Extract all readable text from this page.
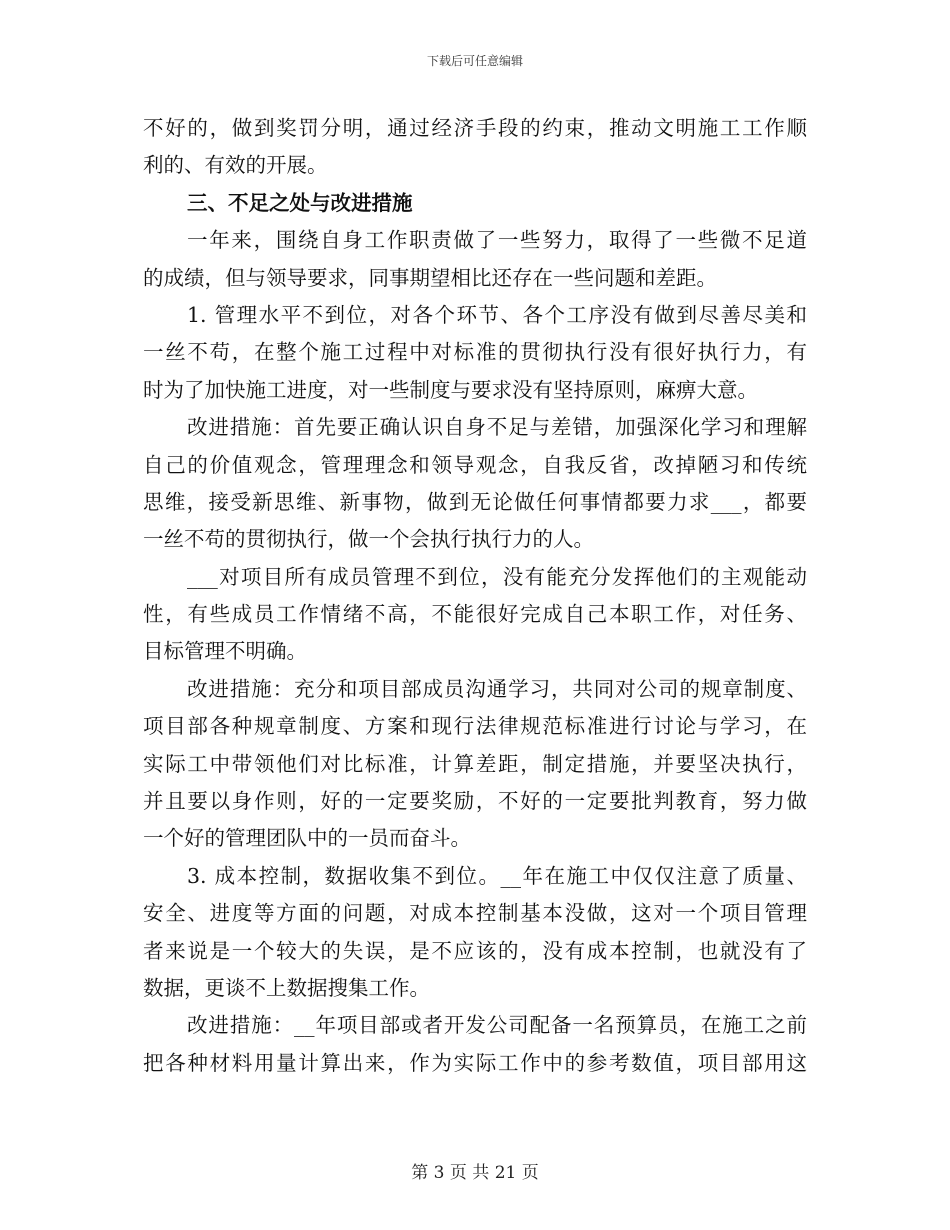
下载后可任意编辑
不好的，做到奖罚分明，通过经济手段的约束，推动文明施工工作顺
利的、有效的开展。
三、不足之处与改进措施
一年来，围绕自身工作职责做了一些努力，取得了一些微不足道
的成绩，但与领导要求，同事期望相比还存在一些问题和差距。
1. 管理水平不到位，对各个环节、各个工序没有做到尽善尽美和
一丝不苟，在整个施工过程中对标准的贯彻执行没有很好执行力，有
时为了加快施工进度，对一些制度与要求没有坚持原则，麻痹大意。
改进措施：首先要正确认识自身不足与差错，加强深化学习和理解
自己的价值观念，管理理念和领导观念，自我反省，改掉陋习和传统
思维，接受新思维、新事物，做到无论做任何事情都要力求___，都要
一丝不苟的贯彻执行，做一个会执行执行力的人。
___对项目所有成员管理不到位，没有能充分发挥他们的主观能动
性，有些成员工作情绪不高，不能很好完成自己本职工作，对任务、
目标管理不明确。
改进措施：充分和项目部成员沟通学习，共同对公司的规章制度、
项目部各种规章制度、方案和现行法律规范标准进行讨论与学习，在
实际工中带领他们对比标准，计算差距，制定措施，并要坚决执行，
并且要以身作则，好的一定要奖励，不好的一定要批判教育，努力做
一个好的管理团队中的一员而奋斗。
3. 成本控制，数据收集不到位。__年在施工中仅仅注意了质量、
安全、进度等方面的问题，对成本控制基本没做，这对一个项目管理
者来说是一个较大的失误，是不应该的，没有成本控制，也就没有了
数据，更谈不上数据搜集工作。
改进措施：__年项目部或者开发公司配备一名预算员，在施工之前
把各种材料用量计算出来，作为实际工作中的参考数值，项目部用这
第 3 页 共 21 页
